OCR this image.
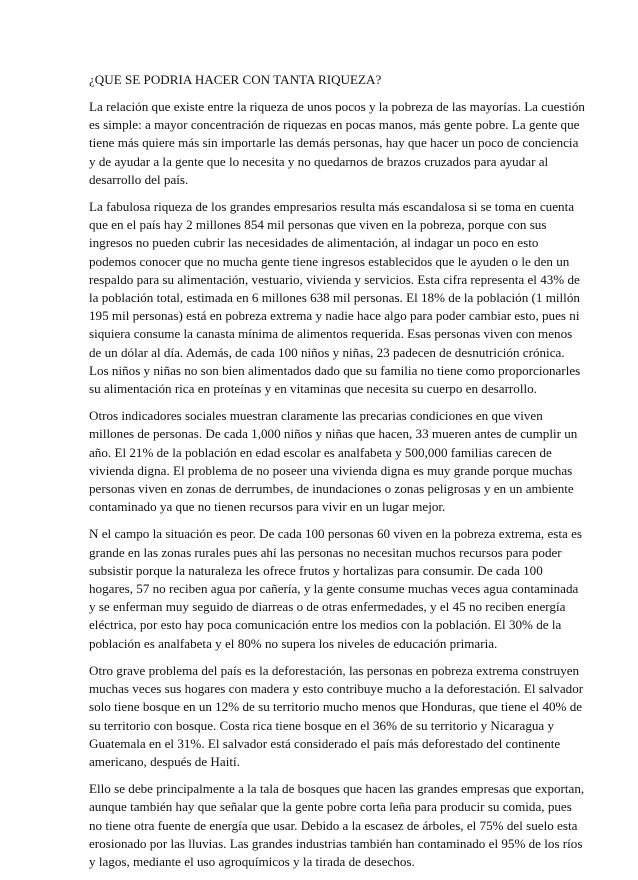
¿QUE SE PODRIA HACER CON TANTA RIQUEZA?

La relación que existe entre la riqueza de unos pocos y la pobreza de las mayorías. La cuestión es simple: a mayor concentración de riquezas en pocas manos, más gente pobre. La gente que tiene más quiere más sin importarle las demás personas, hay que hacer un poco de conciencia y de ayudar a la gente que lo necesita y no quedarnos de brazos cruzados para ayudar al desarrollo del país.

La fabulosa riqueza de los grandes empresarios resulta más escandalosa si se toma en cuenta que en el país hay 2 millones 854 mil personas que viven en la pobreza, porque con sus ingresos no pueden cubrir las necesidades de alimentación, al indagar un poco en esto podemos conocer que no mucha gente tiene ingresos establecidos que le ayuden o le den un respaldo para su alimentación, vestuario, vivienda y servicios. Esta cifra representa el 43% de la población total, estimada en 6 millones 638 mil personas. El 18% de la población (1 millón 195 mil personas) está en pobreza extrema y nadie hace algo para poder cambiar esto, pues ni siquiera consume la canasta mínima de alimentos requerida. Esas personas viven con menos de un dólar al día. Además, de cada 100 niños y niñas, 23 padecen de desnutrición crónica. Los niños y niñas no son bien alimentados dado que su familia no tiene como proporcionarles su alimentación rica en proteínas y en vitaminas que necesita su cuerpo en desarrollo.

Otros indicadores sociales muestran claramente las precarias condiciones en que viven millones de personas. De cada 1,000 niños y niñas que hacen, 33 mueren antes de cumplir un año. El 21% de la población en edad escolar es analfabeta y 500,000 familias carecen de vivienda digna. El problema de no poseer una vivienda digna es muy grande porque muchas personas viven en zonas de derrumbes, de inundaciones o zonas peligrosas y en un ambiente contaminado ya que no tienen recursos para vivir en un lugar mejor.

N el campo la situación es peor. De cada 100 personas 60 viven en la pobreza extrema, esta es grande en las zonas rurales pues ahí las personas no necesitan muchos recursos para poder subsistir porque la naturaleza les ofrece frutos y hortalizas para consumir. De cada 100 hogares, 57 no reciben agua por cañería, y la gente consume muchas veces agua contaminada y se enferman muy seguido de diarreas o de otras enfermedades, y el 45 no reciben energía eléctrica, por esto hay poca comunicación entre los medios con la población. El 30% de la población es analfabeta y el 80% no supera los niveles de educación primaria.

Otro grave problema del país es la deforestación, las personas en pobreza extrema construyen muchas veces sus hogares con madera y esto contribuye mucho a la deforestación. El salvador solo tiene bosque en un 12% de su territorio mucho menos que Honduras, que tiene el 40% de su territorio con bosque. Costa rica tiene bosque en el 36% de su territorio y Nicaragua y Guatemala en el 31%. El salvador está considerado el país más deforestado del continente americano, después de Haití.

Ello se debe principalmente a la tala de bosques que hacen las grandes empresas que exportan, aunque también hay que señalar que la gente pobre corta leña para producir su comida, pues no tiene otra fuente de energía que usar. Debido a la escasez de árboles, el 75% del suelo esta erosionado por las lluvias. Las grandes industrias también han contaminado el 95% de los ríos y lagos, mediante el uso agroquímicos y la tirada de desechos.
